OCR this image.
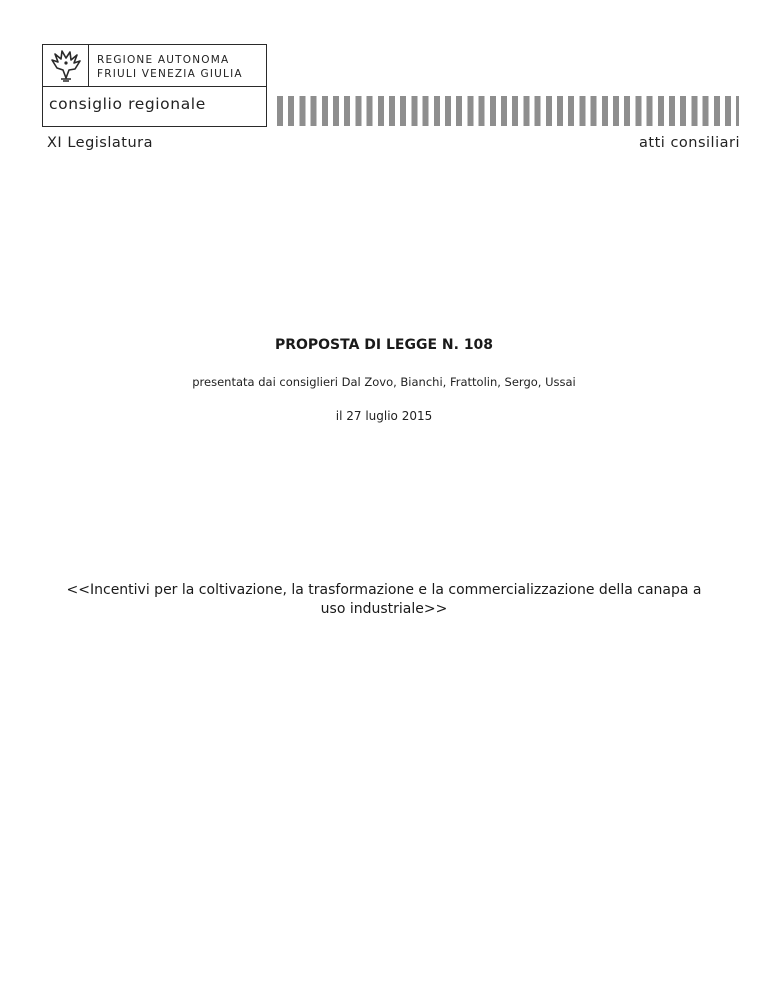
REGIONE AUTONOMA
FRIULI VENEZIA GIULIA
consiglio regionale
XI Legislatura	atti consiliari
PROPOSTA DI LEGGE N. 108
presentata dai consiglieri Dal Zovo, Bianchi, Frattolin, Sergo, Ussai
il 27 luglio 2015
<<Incentivi per la coltivazione, la trasformazione e la commercializzazione della canapa a uso industriale>>
